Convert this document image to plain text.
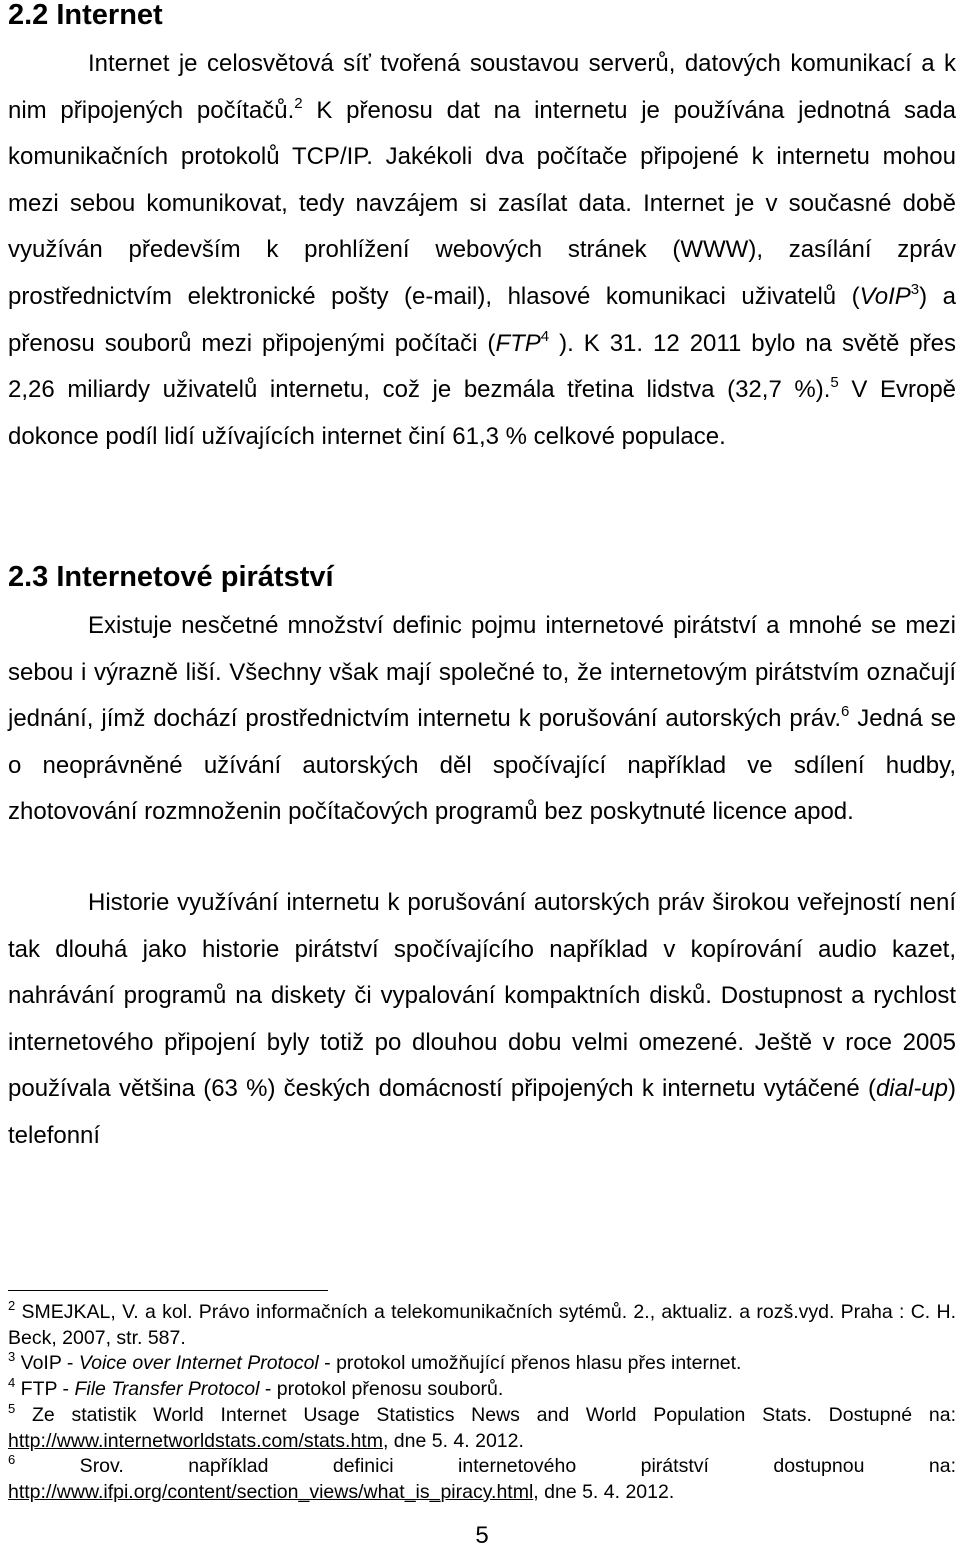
2.2 Internet

Internet je celosvětová síť tvořená soustavou serverů, datových komunikací a k nim připojených počítačů.$^2$ K přenosu dat na internetu je používána jednotná sada komunikačních protokolů TCP/IP. Jakékoli dva počítače připojené k internetu mohou mezi sebou komunikovat, tedy navzájem si zasílat data. Internet je v současné době využíván především k prohlížení webových stránek (WWW), zasílání zpráv prostřednictvím elektronické pošty (e-mail), hlasové komunikaci uživatelů (VoIP$^3$) a přenosu souborů mezi připojenými počítači (FTP$^4$ ). K 31. 12 2011 bylo na světě přes 2,26 miliardy uživatelů internetu, což je bezmála třetina lidstva (32,7 %).$^5$ V Evropě dokonce podíl lidí užívajících internet činí 61,3 % celkové populace.

2.3 Internetové pirátství

Existuje nesčetné množství definic pojmu internetové pirátství a mnohé se mezi sebou i výrazně liší. Všechny však mají společné to, že internetovým pirátstvím označují jednání, jímž dochází prostřednictvím internetu k porušování autorských práv.$^6$ Jedná se o neoprávněné užívání autorských děl spočívající například ve sdílení hudby, zhotovování rozmnoženin počítačových programů bez poskytnuté licence apod.

Historie využívání internetu k porušování autorských práv širokou veřejností není tak dlouhá jako historie pirátství spočívajícího například v kopírování audio kazet, nahrávání programů na diskety či vypalování kompaktních disků. Dostupnost a rychlost internetového připojení byly totiž po dlouhou dobu velmi omezené. Ještě v roce 2005 používala většina (63 %) českých domácností připojených k internetu vytáčené (dial-up) telefonní

$^2$ SMEJKAL, V. a kol. Právo informačních a telekomunikačních sytémů. 2., aktualiz. a rozš.vyd. Praha : C. H. Beck, 2007, str. 587.

$^3$ VoIP - Voice over Internet Protocol - protokol umožňující přenos hlasu přes internet.

$^4$ FTP - File Transfer Protocol - protokol přenosu souborů.

$^5$ Ze statistik World Internet Usage Statistics News and World Population Stats. Dostupné na: http://www.internetworldstats.com/stats.htm, dne 5. 4. 2012.

$^6$ Srov. například definici internetového pirátství dostupnou na: http://www.ifpi.org/content/section_views/what_is_piracy.html, dne 5. 4. 2012.

5
